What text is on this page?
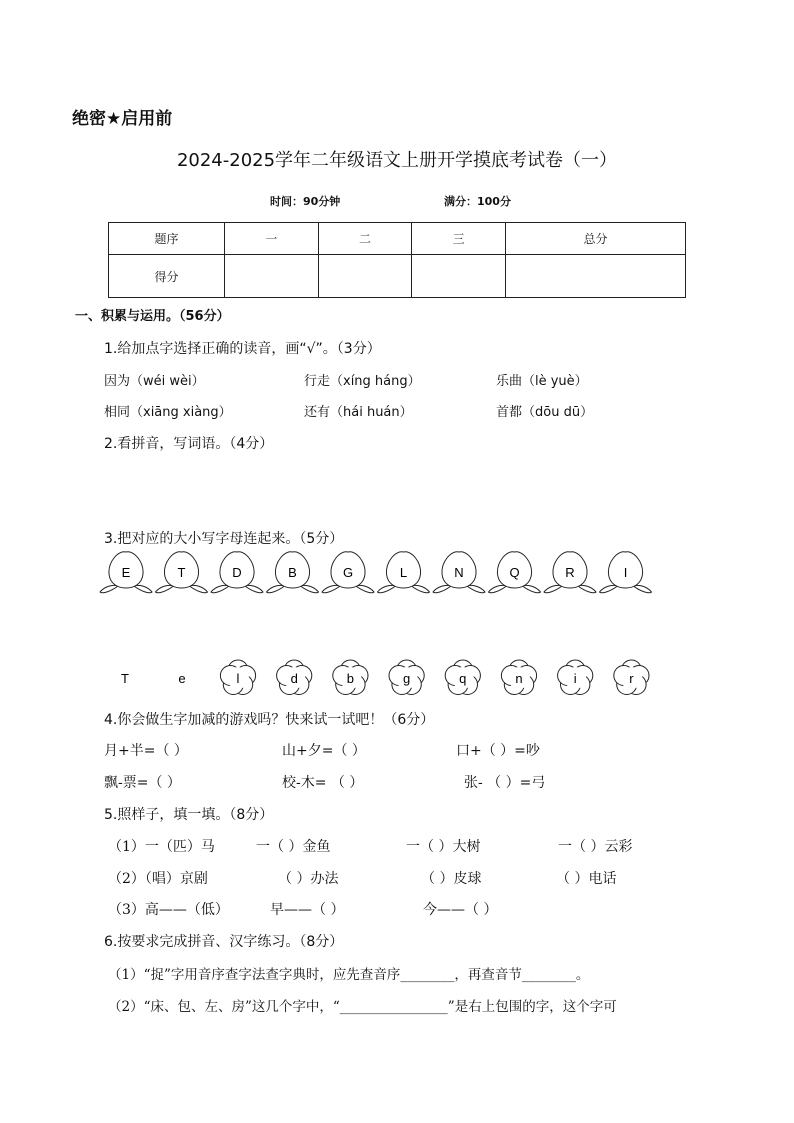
绝密★启用前
2024-2025学年二年级语文上册开学摸底考试卷（一）
时间：90分钟	满分：100分
题序	一	二	三	总分
得分				
一、积累与运用。（56分）
1.给加点字选择正确的读音，画“√”。（3分）
因为（wéi wèi）	行走（xíng háng）	乐曲（lè yuè）
相同（xiāng xiàng）	还有（hái huán）	首都（dōu dū）
2.看拼音，写词语。（4分）
3.把对应的大小写字母连起来。（5分）
E	T	D	B	G	L	N	Q	R	I
T	e	l	d	b	g	q	n	i	r
4.你会做生字加减的游戏吗？快来试一试吧！（6分）
月+半=（ ）	山+夕=（ ）	口+（ ）=吵
飘-票=（ ）	校-木= （ ）	张- （ ）=弓
5.照样子，填一填。（8分）
（1）一（匹）马	一（ ）金鱼	一（ ）大树	一（ ）云彩
（2）（唱）京剧	（ ）办法	（ ）皮球	（ ）电话
（3）高——（低）	早——（ ）	今——（ ）
6.按要求完成拼音、汉字练习。（8分）
（1）“捉”字用音序查字法查字典时，应先查音序________，再查音节________。
（2）“床、包、左、房”这几个字中，“________________”是右上包围的字，这个字可
